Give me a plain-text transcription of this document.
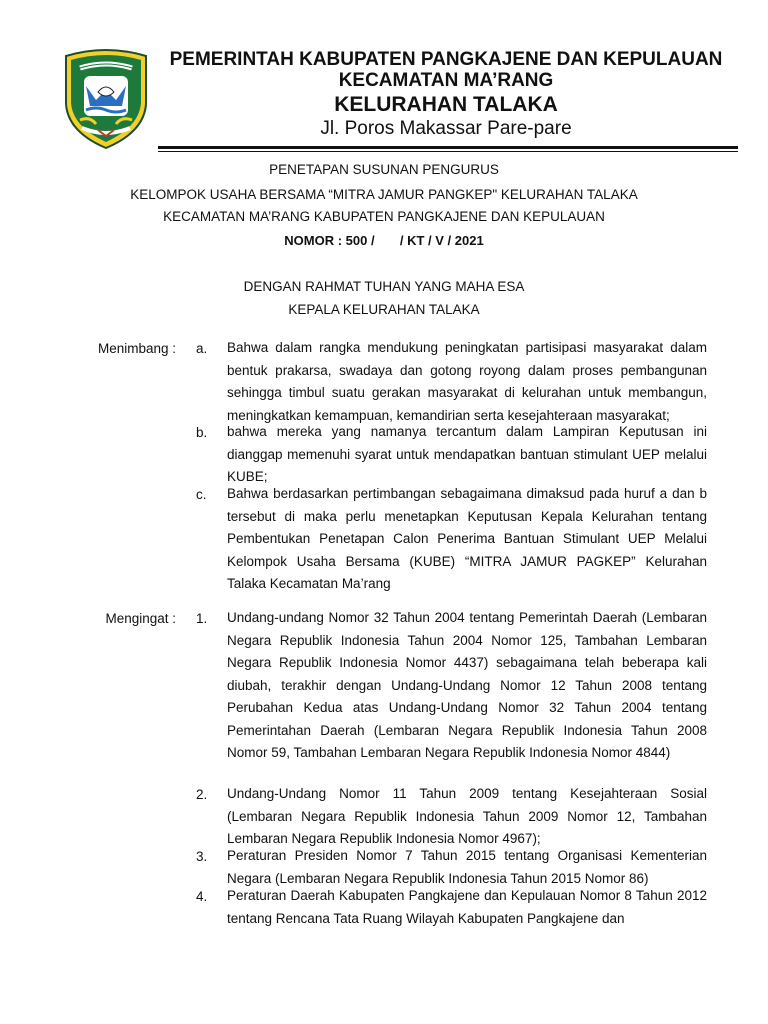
PEMERINTAH KABUPATEN PANGKAJENE DAN KEPULAUAN
KECAMATAN MA’RANG
KELURAHAN TALAKA
Jl. Poros Makassar Pare-pare
PENETAPAN SUSUNAN PENGURUS
KELOMPOK USAHA BERSAMA “MITRA JAMUR PANGKEP" KELURAHAN TALAKA
KECAMATAN MA’RANG KABUPATEN PANGKAJENE DAN KEPULAUAN
NOMOR : 500 /       / KT / V / 2021
DENGAN RAHMAT TUHAN YANG MAHA ESA
KEPALA KELURAHAN TALAKA
Menimbang : a. Bahwa dalam rangka mendukung peningkatan partisipasi masyarakat dalam bentuk prakarsa, swadaya dan gotong royong dalam proses pembangunan sehingga timbul suatu gerakan masyarakat di kelurahan untuk membangun, meningkatkan kemampuan, kemandirian serta kesejahteraan masyarakat;
b. bahwa mereka yang namanya tercantum dalam Lampiran Keputusan ini dianggap memenuhi syarat untuk mendapatkan bantuan stimulant UEP melalui KUBE;
c. Bahwa berdasarkan pertimbangan sebagaimana dimaksud pada huruf a dan b tersebut di maka perlu menetapkan Keputusan Kepala Kelurahan tentang Pembentukan Penetapan Calon Penerima Bantuan Stimulant UEP Melalui Kelompok Usaha Bersama (KUBE) “MITRA JAMUR PAGKEP” Kelurahan Talaka Kecamatan Ma’rang
Mengingat : 1. Undang-undang Nomor 32 Tahun 2004 tentang Pemerintah Daerah (Lembaran Negara Republik Indonesia Tahun 2004 Nomor 125, Tambahan Lembaran Negara Republik Indonesia Nomor 4437) sebagaimana telah beberapa kali diubah, terakhir dengan Undang-Undang Nomor 12 Tahun 2008 tentang Perubahan Kedua atas Undang-Undang Nomor 32 Tahun 2004 tentang Pemerintahan Daerah (Lembaran Negara Republik Indonesia Tahun 2008 Nomor 59, Tambahan Lembaran Negara Republik Indonesia Nomor 4844)
2. Undang-Undang Nomor 11 Tahun 2009 tentang Kesejahteraan Sosial (Lembaran Negara Republik Indonesia Tahun 2009 Nomor 12, Tambahan Lembaran Negara Republik Indonesia Nomor 4967);
3. Peraturan Presiden Nomor 7 Tahun 2015 tentang Organisasi Kementerian Negara (Lembaran Negara Republik Indonesia Tahun 2015 Nomor 86)
4. Peraturan Daerah Kabupaten Pangkajene dan Kepulauan Nomor 8 Tahun 2012 tentang Rencana Tata Ruang Wilayah Kabupaten Pangkajene dan
